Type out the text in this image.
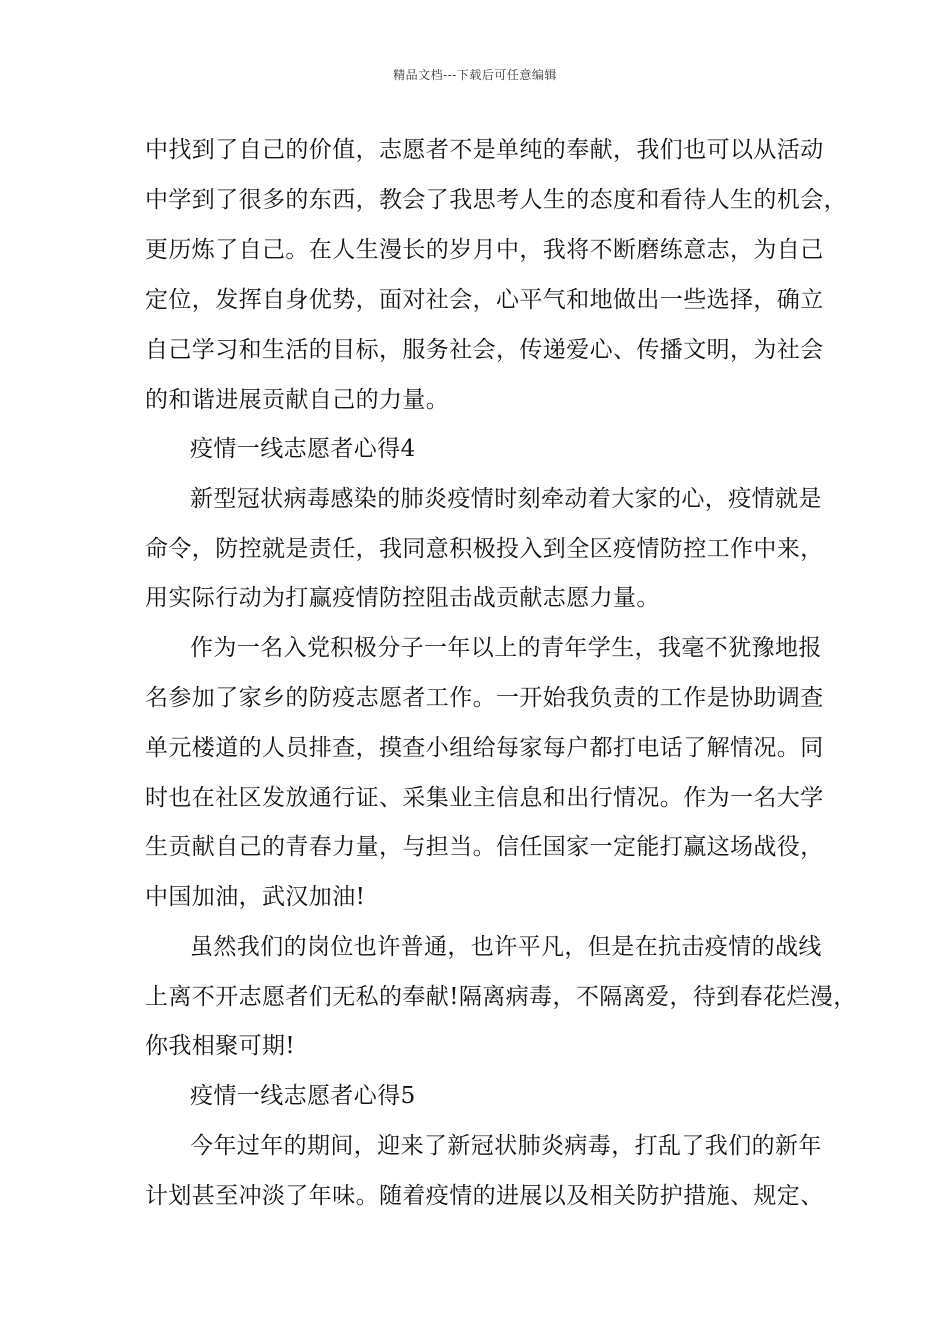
精品文档---下载后可任意编辑
中找到了自己的价值，志愿者不是单纯的奉献，我们也可以从活动
中学到了很多的东西，教会了我思考人生的态度和看待人生的机会，
更历炼了自己。在人生漫长的岁月中，我将不断磨练意志，为自己
定位，发挥自身优势，面对社会，心平气和地做出一些选择，确立
自己学习和生活的目标，服务社会，传递爱心、传播文明，为社会
的和谐进展贡献自己的力量。
疫情一线志愿者心得4
新型冠状病毒感染的肺炎疫情时刻牵动着大家的心，疫情就是
命令，防控就是责任，我同意积极投入到全区疫情防控工作中来，
用实际行动为打赢疫情防控阻击战贡献志愿力量。
作为一名入党积极分子一年以上的青年学生，我毫不犹豫地报
名参加了家乡的防疫志愿者工作。一开始我负责的工作是协助调查
单元楼道的人员排查，摸查小组给每家每户都打电话了解情况。同
时也在社区发放通行证、采集业主信息和出行情况。作为一名大学
生贡献自己的青春力量，与担当。信任国家一定能打赢这场战役，
中国加油，武汉加油!
虽然我们的岗位也许普通，也许平凡，但是在抗击疫情的战线
上离不开志愿者们无私的奉献!隔离病毒，不隔离爱，待到春花烂漫，
你我相聚可期!
疫情一线志愿者心得5
今年过年的期间，迎来了新冠状肺炎病毒，打乱了我们的新年
计划甚至冲淡了年味。随着疫情的进展以及相关防护措施、规定、
